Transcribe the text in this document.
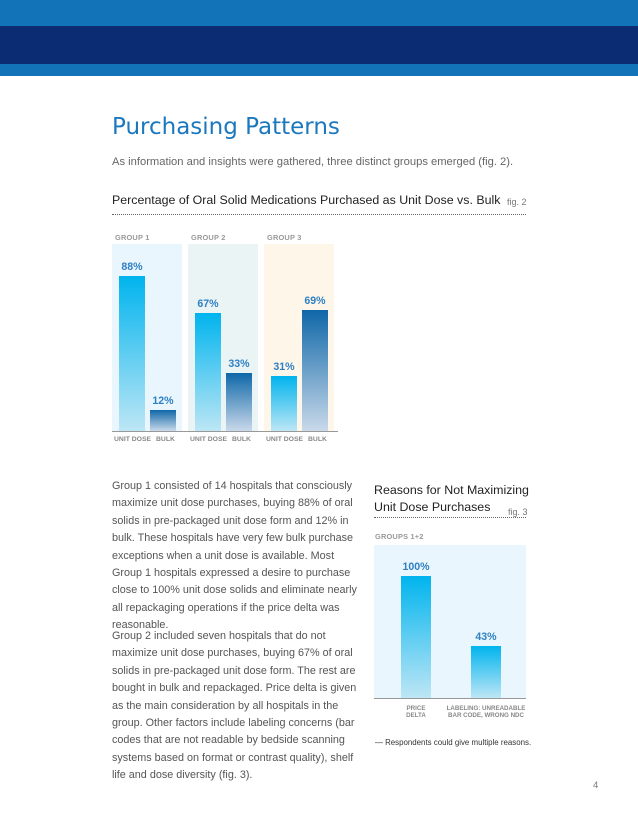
Purchasing Patterns
As information and insights were gathered, three distinct groups emerged (fig. 2).
Percentage of Oral Solid Medications Purchased as Unit Dose vs. Bulk fig. 2
GROUP 1
88%
UNIT DOSE
12%
BULK
GROUP 2
67%
UNIT DOSE
33%
BULK
GROUP 3
31%
UNIT DOSE
69%
BULK
Group 1 consisted of 14 hospitals that consciously maximize unit dose purchases, buying 88% of oral solids in pre-packaged unit dose form and 12% in bulk. These hospitals have very few bulk purchase exceptions when a unit dose is available. Most Group 1 hospitals expressed a desire to purchase close to 100% unit dose solids and eliminate nearly all repackaging operations if the price delta was reasonable.
Group 2 included seven hospitals that do not maximize unit dose purchases, buying 67% of oral solids in pre-packaged unit dose form. The rest are bought in bulk and repackaged. Price delta is given as the main consideration by all hospitals in the group. Other factors include labeling concerns (bar codes that are not readable by bedside scanning systems based on format or contrast quality), shelf life and dose diversity (fig. 3).
Reasons for Not Maximizing
Unit Dose Purchases	fig. 3
GROUPS 1+2
100%
PRICE
DELTA
43%
LABELING: UNREADABLE
BAR CODE, WRONG NDC
— Respondents could give multiple reasons.
4
